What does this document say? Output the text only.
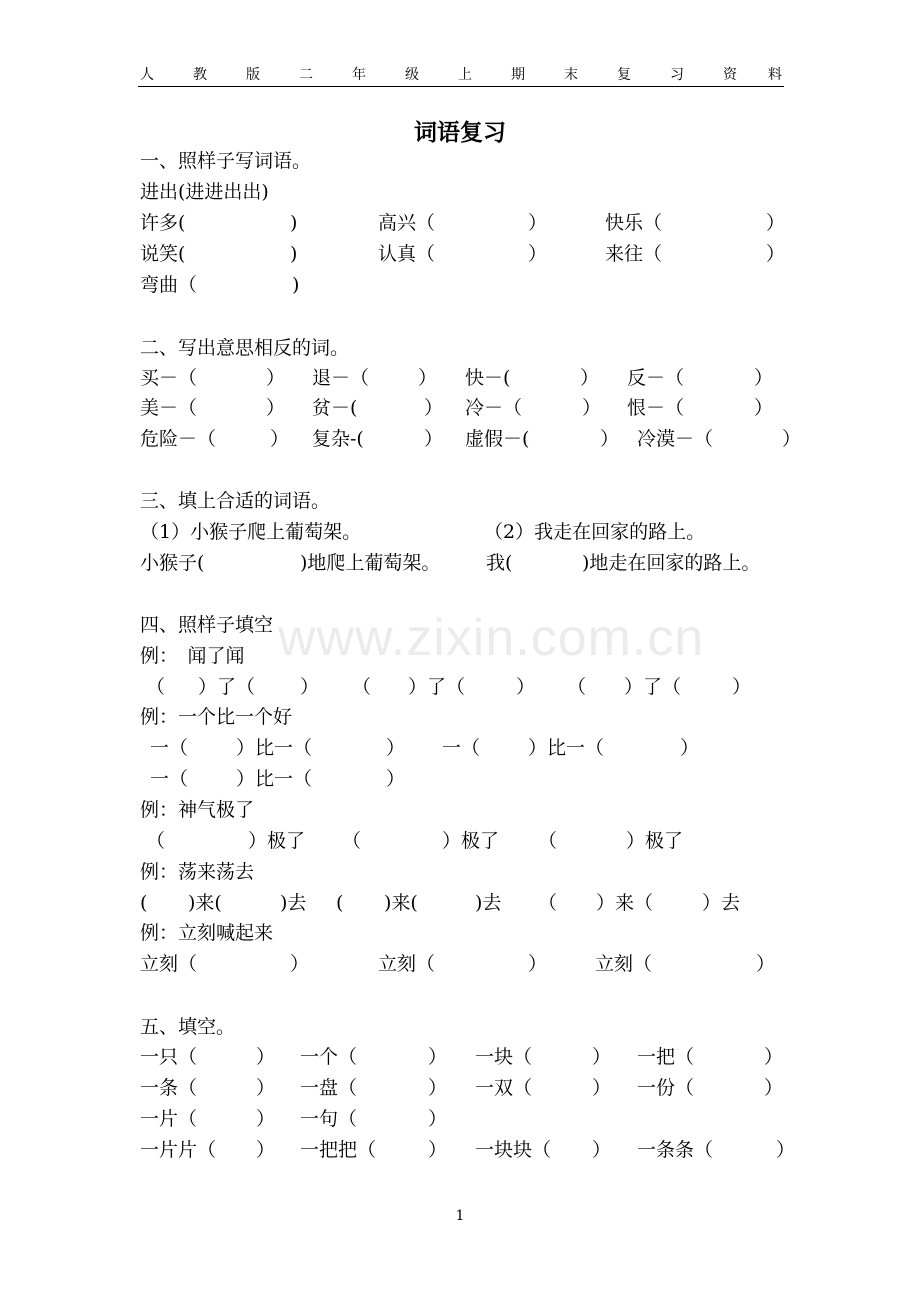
人	教	版	二	年	级	上	期	末	复	习	资 料
词语复习
www.zixin.com.cn
一、照样子写词语。
进出(进进出出)
许多(	)	高兴（	）	快乐（	）
说笑(	)	认真（	）	来往（	）
弯曲（	)
二、写出意思相反的词。
买－（	） 退－（	） 快－(	） 反－（	）
美－（	） 贫－(	） 冷－（	） 恨－（	）
危险－（	） 复杂-(	） 虚假－(	） 冷漠－（	）
三、填上合适的词语。
（1）小猴子爬上葡萄架。	（2）我走在回家的路上。
小猴子(	)地爬上葡萄架。 我(	)地走在回家的路上。
四、照样子填空
例：　闻了闻
（ ）了（ ） （ ）了（	） （ ）了（	）
例：一个比一个好
一（	）比一（	） 一（	）比一（	）
一（	）比一（	）
例：神气极了
（	）极了 （	）极了 （	）极了
例：荡来荡去
( )来(	)去 ( )来(	)去 （ ）来（	）去
例：立刻喊起来
立刻（	）	立刻（	）	立刻（	）
五、填空。
一只（	） 一个（	） 一块（	） 一把（	）
一条（	） 一盘（	） 一双（	） 一份（	）
一片（	） 一句（	）
一片片（ ） 一把把（	） 一块块（ ） 一条条（	）
1
